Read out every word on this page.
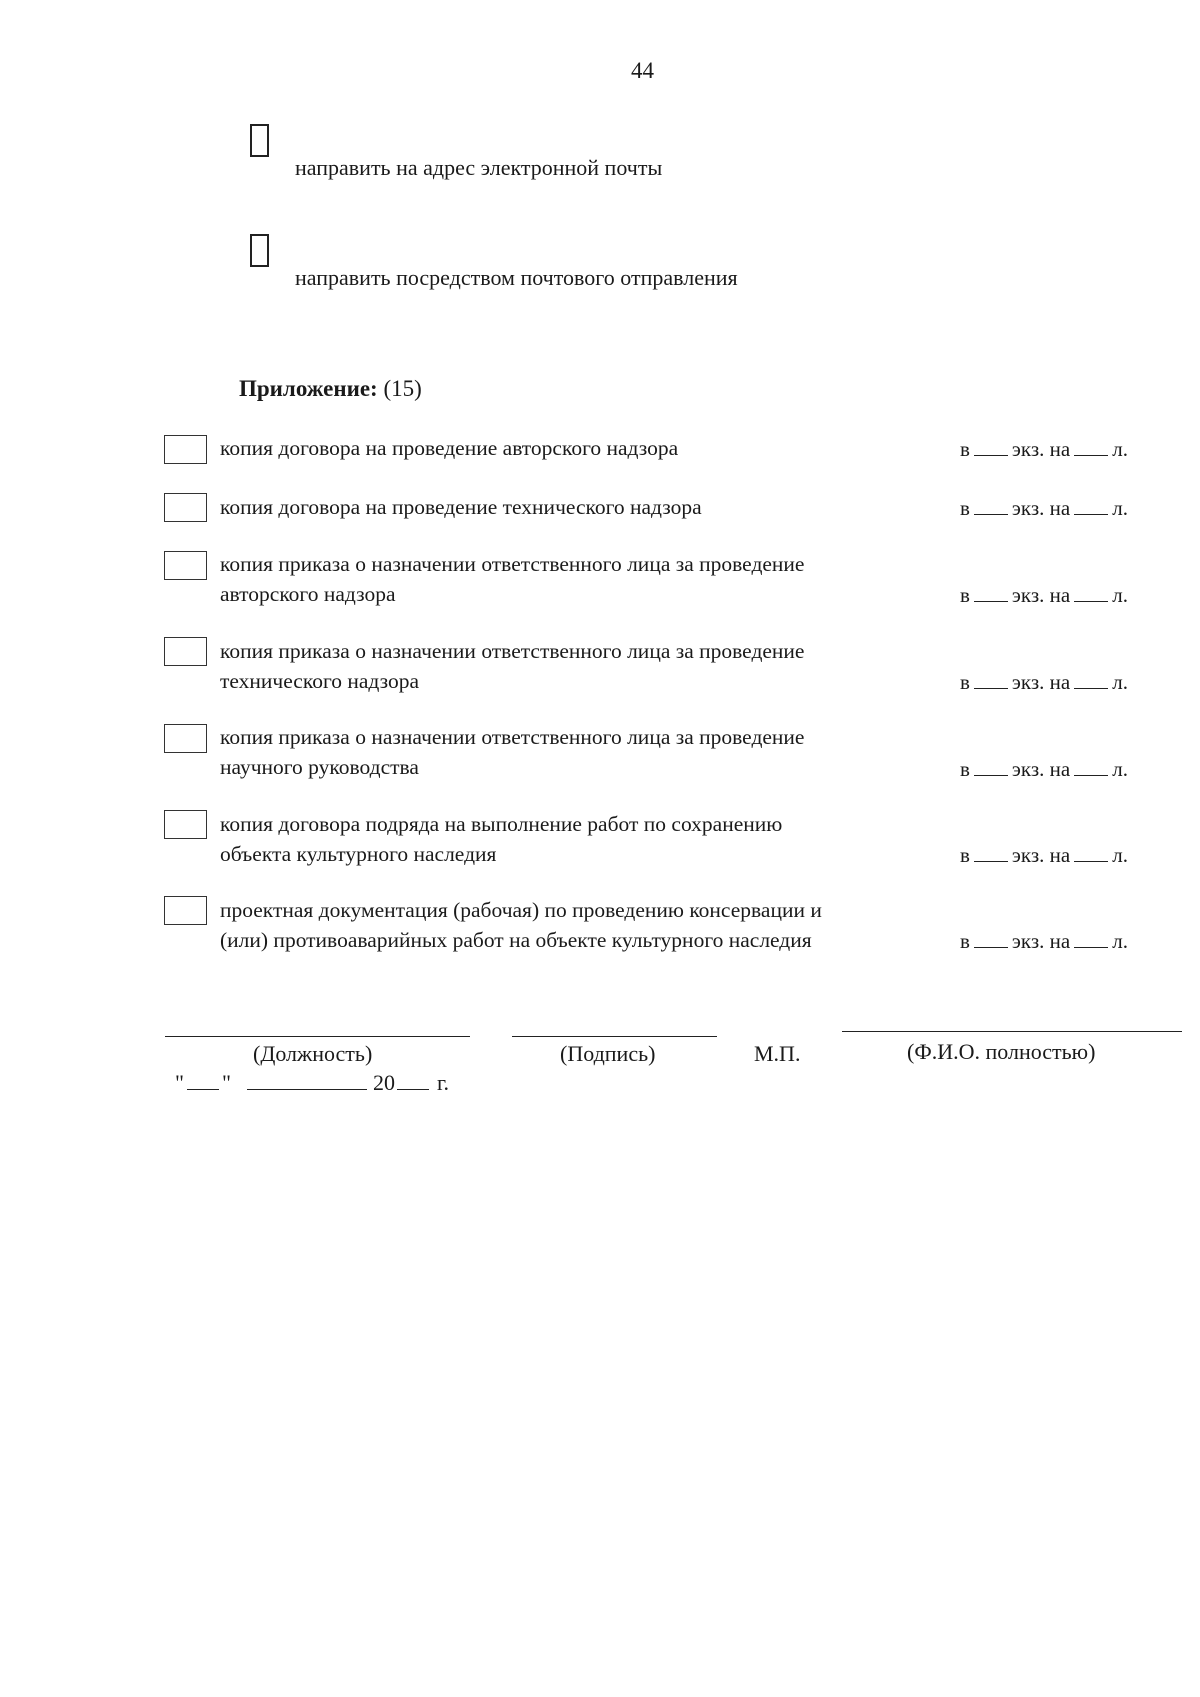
44
направить на адрес электронной почты
направить посредством почтового отправления
Приложение: (15)
копия договора на проведение авторского надзора	в экз. на л.
копия договора на проведение технического надзора	в экз. на л.
копия приказа о назначении ответственного лица за проведение
авторского надзора	в экз. на л.
копия приказа о назначении ответственного лица за проведение
технического надзора	в экз. на л.
копия приказа о назначении ответственного лица за проведение
научного руководства	в экз. на л.
копия договора подряда на выполнение работ по сохранению
объекта культурного наследия	в экз. на л.
проектная документация (рабочая) по проведению консервации и
(или) противоаварийных работ на объекте культурного наследия	в экз. на л.
(Должность)	(Подпись)	М.П.	(Ф.И.О. полностью)
" "	20 г.
